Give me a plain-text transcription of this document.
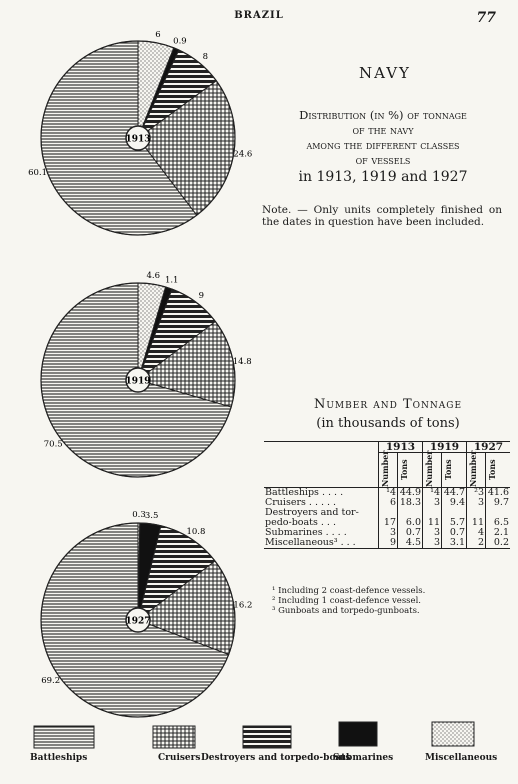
6
0.9
8
24.6
60.1
1913
4.6 1.1
9
14.8
70.5
1919
0.3 3.5
10.8
16.2
69.2
1927
BRAZIL	77
NAVY
Distribution (in %) of tonnage
of the navy
among the different classes
of vessels
in 1913, 1919 and 1927
Note. — Only units completely finished on the dates in question have been included.
Number and Tonnage
(in thousands of tons)
	1913		1919		1927	

	Number	Tons	Number	Tons	Number	Tons

Battleships . . . .	¹4	44.9	¹4	44.7	²3	41.6
Cruisers . . . . .	6	18.3	3	9.4	3	9.7
Destroyers and tor-						
pedo-boats . . .	17	6.0	11	5.7	11	6.5
Submarines . . . .	3	0.7	3	0.7	4	2.1
Miscellaneous³ . . .	9	4.5	3	3.1	2	0.2
¹ Including 2 coast-defence vessels.
² Including 1 coast-defence vessel.
³ Gunboats and torpedo-gunboats.
Battleships	Cruisers Destroyers and torpedo-boats
Submarines	Miscellaneous
